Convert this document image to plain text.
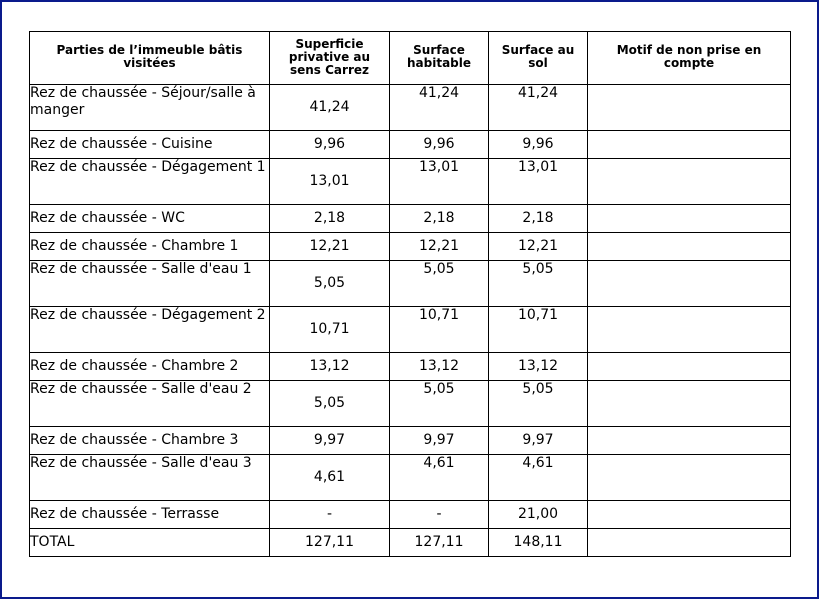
Parties de l’immeuble bâtis visitées	Superficie privative au sens Carrez	Surface habitable	Surface au sol	Motif de non prise en compte

Rez de chaussée - Séjour/salle à manger	41,24	41,24	41,24	
Rez de chaussée - Cuisine	9,96	9,96	9,96	
Rez de chaussée - Dégagement 1	13,01	13,01	13,01	
Rez de chaussée - WC	2,18	2,18	2,18	
Rez de chaussée - Chambre 1	12,21	12,21	12,21	
Rez de chaussée - Salle d'eau 1	5,05	5,05	5,05	
Rez de chaussée - Dégagement 2	10,71	10,71	10,71	
Rez de chaussée - Chambre 2	13,12	13,12	13,12	
Rez de chaussée - Salle d'eau 2	5,05	5,05	5,05	
Rez de chaussée - Chambre 3	9,97	9,97	9,97	
Rez de chaussée - Salle d'eau 3	4,61	4,61	4,61	
Rez de chaussée - Terrasse	-	-	21,00	
TOTAL	127,11	127,11	148,11	
